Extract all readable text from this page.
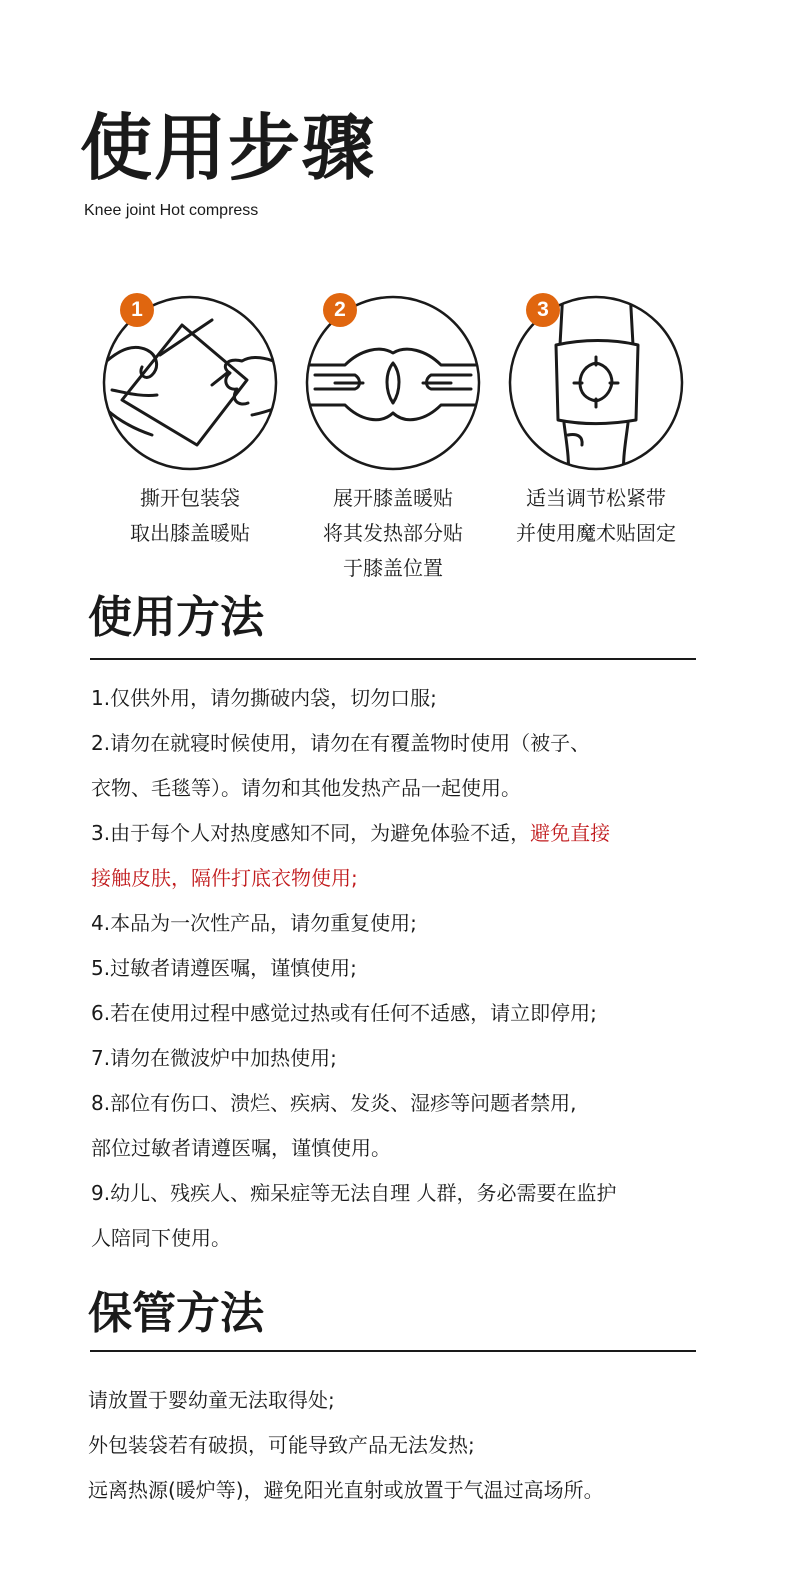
使用步骤
Knee joint Hot compress
1
撕开包装袋
取出膝盖暖贴
2
展开膝盖暖贴
将其发热部分贴
于膝盖位置
3
适当调节松紧带
并使用魔术贴固定
使用方法
1.仅供外用，请勿撕破内袋，切勿口服;
2.请勿在就寝时候使用，请勿在有覆盖物时使用（被子、
衣物、毛毯等）。请勿和其他发热产品一起使用。
3.由于每个人对热度感知不同，为避免体验不适，避免直接
接触皮肤，隔件打底衣物使用;
4.本品为一次性产品，请勿重复使用;
5.过敏者请遵医嘱，谨慎使用;
6.若在使用过程中感觉过热或有任何不适感，请立即停用;
7.请勿在微波炉中加热使用;
8.部位有伤口、溃烂、疾病、发炎、湿疹等问题者禁用,
部位过敏者请遵医嘱，谨慎使用。
9.幼儿、残疾人、痴呆症等无法自理 人群，务必需要在监护
人陪同下使用。
保管方法
请放置于婴幼童无法取得处;
外包装袋若有破损，可能导致产品无法发热;
远离热源(暖炉等)，避免阳光直射或放置于气温过高场所。
